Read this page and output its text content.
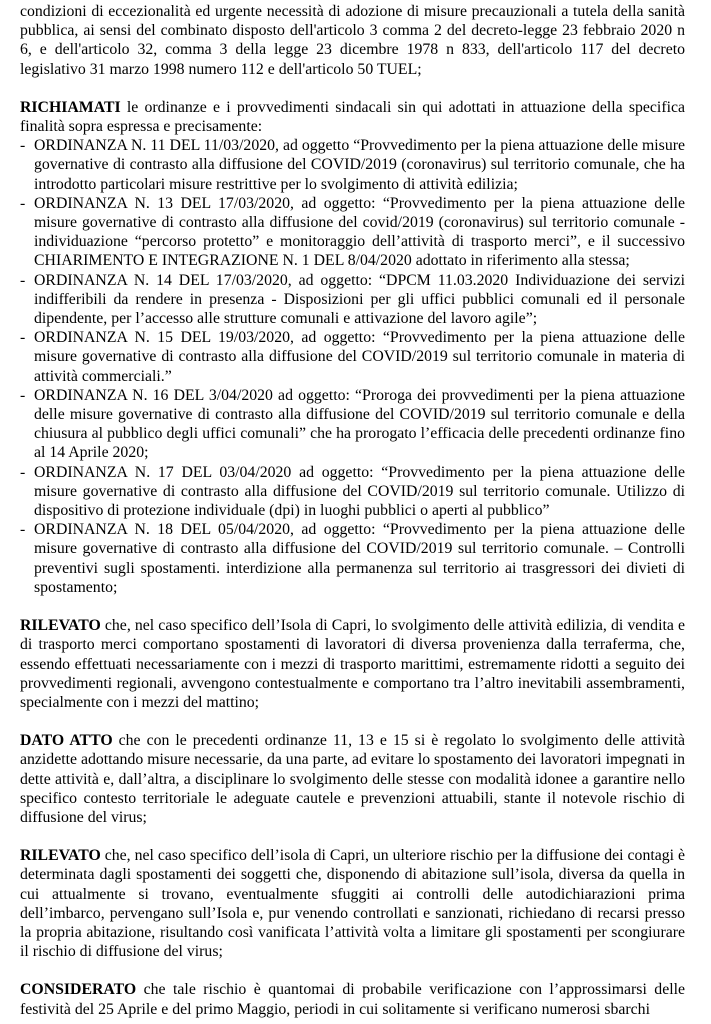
condizioni di eccezionalità ed urgente necessità di adozione di misure precauzionali a tutela della sanità pubblica, ai sensi del combinato disposto dell'articolo 3 comma 2 del decreto-legge 23 febbraio 2020 n 6, e dell'articolo 32, comma 3 della legge 23 dicembre 1978 n 833, dell'articolo 117 del decreto legislativo 31 marzo 1998 numero 112 e dell'articolo 50 TUEL;

RICHIAMATI le ordinanze e i provvedimenti sindacali sin qui adottati in attuazione della specifica finalità sopra espressa e precisamente:

- ORDINANZA N. 11 DEL 11/03/2020, ad oggetto “Provvedimento per la piena attuazione delle misure governative di contrasto alla diffusione del COVID/2019 (coronavirus) sul territorio comunale, che ha introdotto particolari misure restrittive per lo svolgimento di attività edilizia;
- ORDINANZA N. 13 DEL 17/03/2020, ad oggetto: “Provvedimento per la piena attuazione delle misure governative di contrasto alla diffusione del covid/2019 (coronavirus) sul territorio comunale - individuazione “percorso protetto” e monitoraggio dell’attività di trasporto merci”, e il successivo CHIARIMENTO E INTEGRAZIONE N. 1 DEL 8/04/2020 adottato in riferimento alla stessa;
- ORDINANZA N. 14 DEL 17/03/2020, ad oggetto: “DPCM 11.03.2020 Individuazione dei servizi indifferibili da rendere in presenza - Disposizioni per gli uffici pubblici comunali ed il personale dipendente, per l’accesso alle strutture comunali e attivazione del lavoro agile”;
- ORDINANZA N. 15 DEL 19/03/2020, ad oggetto: “Provvedimento per la piena attuazione delle misure governative di contrasto alla diffusione del COVID/2019 sul territorio comunale in materia di attività commerciali.”
- ORDINANZA N. 16 DEL 3/04/2020 ad oggetto: “Proroga dei provvedimenti per la piena attuazione delle misure governative di contrasto alla diffusione del COVID/2019 sul territorio comunale e della chiusura al pubblico degli uffici comunali” che ha prorogato l’efficacia delle precedenti ordinanze fino al 14 Aprile 2020;
- ORDINANZA N. 17 DEL 03/04/2020 ad oggetto: “Provvedimento per la piena attuazione delle misure governative di contrasto alla diffusione del COVID/2019 sul territorio comunale. Utilizzo di dispositivo di protezione individuale (dpi) in luoghi pubblici o aperti al pubblico”
- ORDINANZA N. 18 DEL 05/04/2020, ad oggetto: “Provvedimento per la piena attuazione delle misure governative di contrasto alla diffusione del COVID/2019 sul territorio comunale. – Controlli preventivi sugli spostamenti. interdizione alla permanenza sul territorio ai trasgressori dei divieti di spostamento;

RILEVATO che, nel caso specifico dell’Isola di Capri, lo svolgimento delle attività edilizia, di vendita e di trasporto merci comportano spostamenti di lavoratori di diversa provenienza dalla terraferma, che, essendo effettuati necessariamente con i mezzi di trasporto marittimi, estremamente ridotti a seguito dei provvedimenti regionali, avvengono contestualmente e comportano tra l’altro inevitabili assembramenti, specialmente con i mezzi del mattino;

DATO ATTO che con le precedenti ordinanze 11, 13 e 15 si è regolato lo svolgimento delle attività anzidette adottando misure necessarie, da una parte, ad evitare lo spostamento dei lavoratori impegnati in dette attività e, dall’altra, a disciplinare lo svolgimento delle stesse con modalità idonee a garantire nello specifico contesto territoriale le adeguate cautele e prevenzioni attuabili, stante il notevole rischio di diffusione del virus;

RILEVATO che, nel caso specifico dell’isola di Capri, un ulteriore rischio per la diffusione dei contagi è determinata dagli spostamenti dei soggetti che, disponendo di abitazione sull’isola, diversa da quella in cui attualmente si trovano, eventualmente sfuggiti ai controlli delle autodichiarazioni prima dell’imbarco, pervengano sull’Isola e, pur venendo controllati e sanzionati, richiedano di recarsi presso la propria abitazione, risultando così vanificata l’attività volta a limitare gli spostamenti per scongiurare il rischio di diffusione del virus;

CONSIDERATO che tale rischio è quantomai di probabile verificazione con l’approssimarsi delle festività del 25 Aprile e del primo Maggio, periodi in cui solitamente si verificano numerosi sbarchi
